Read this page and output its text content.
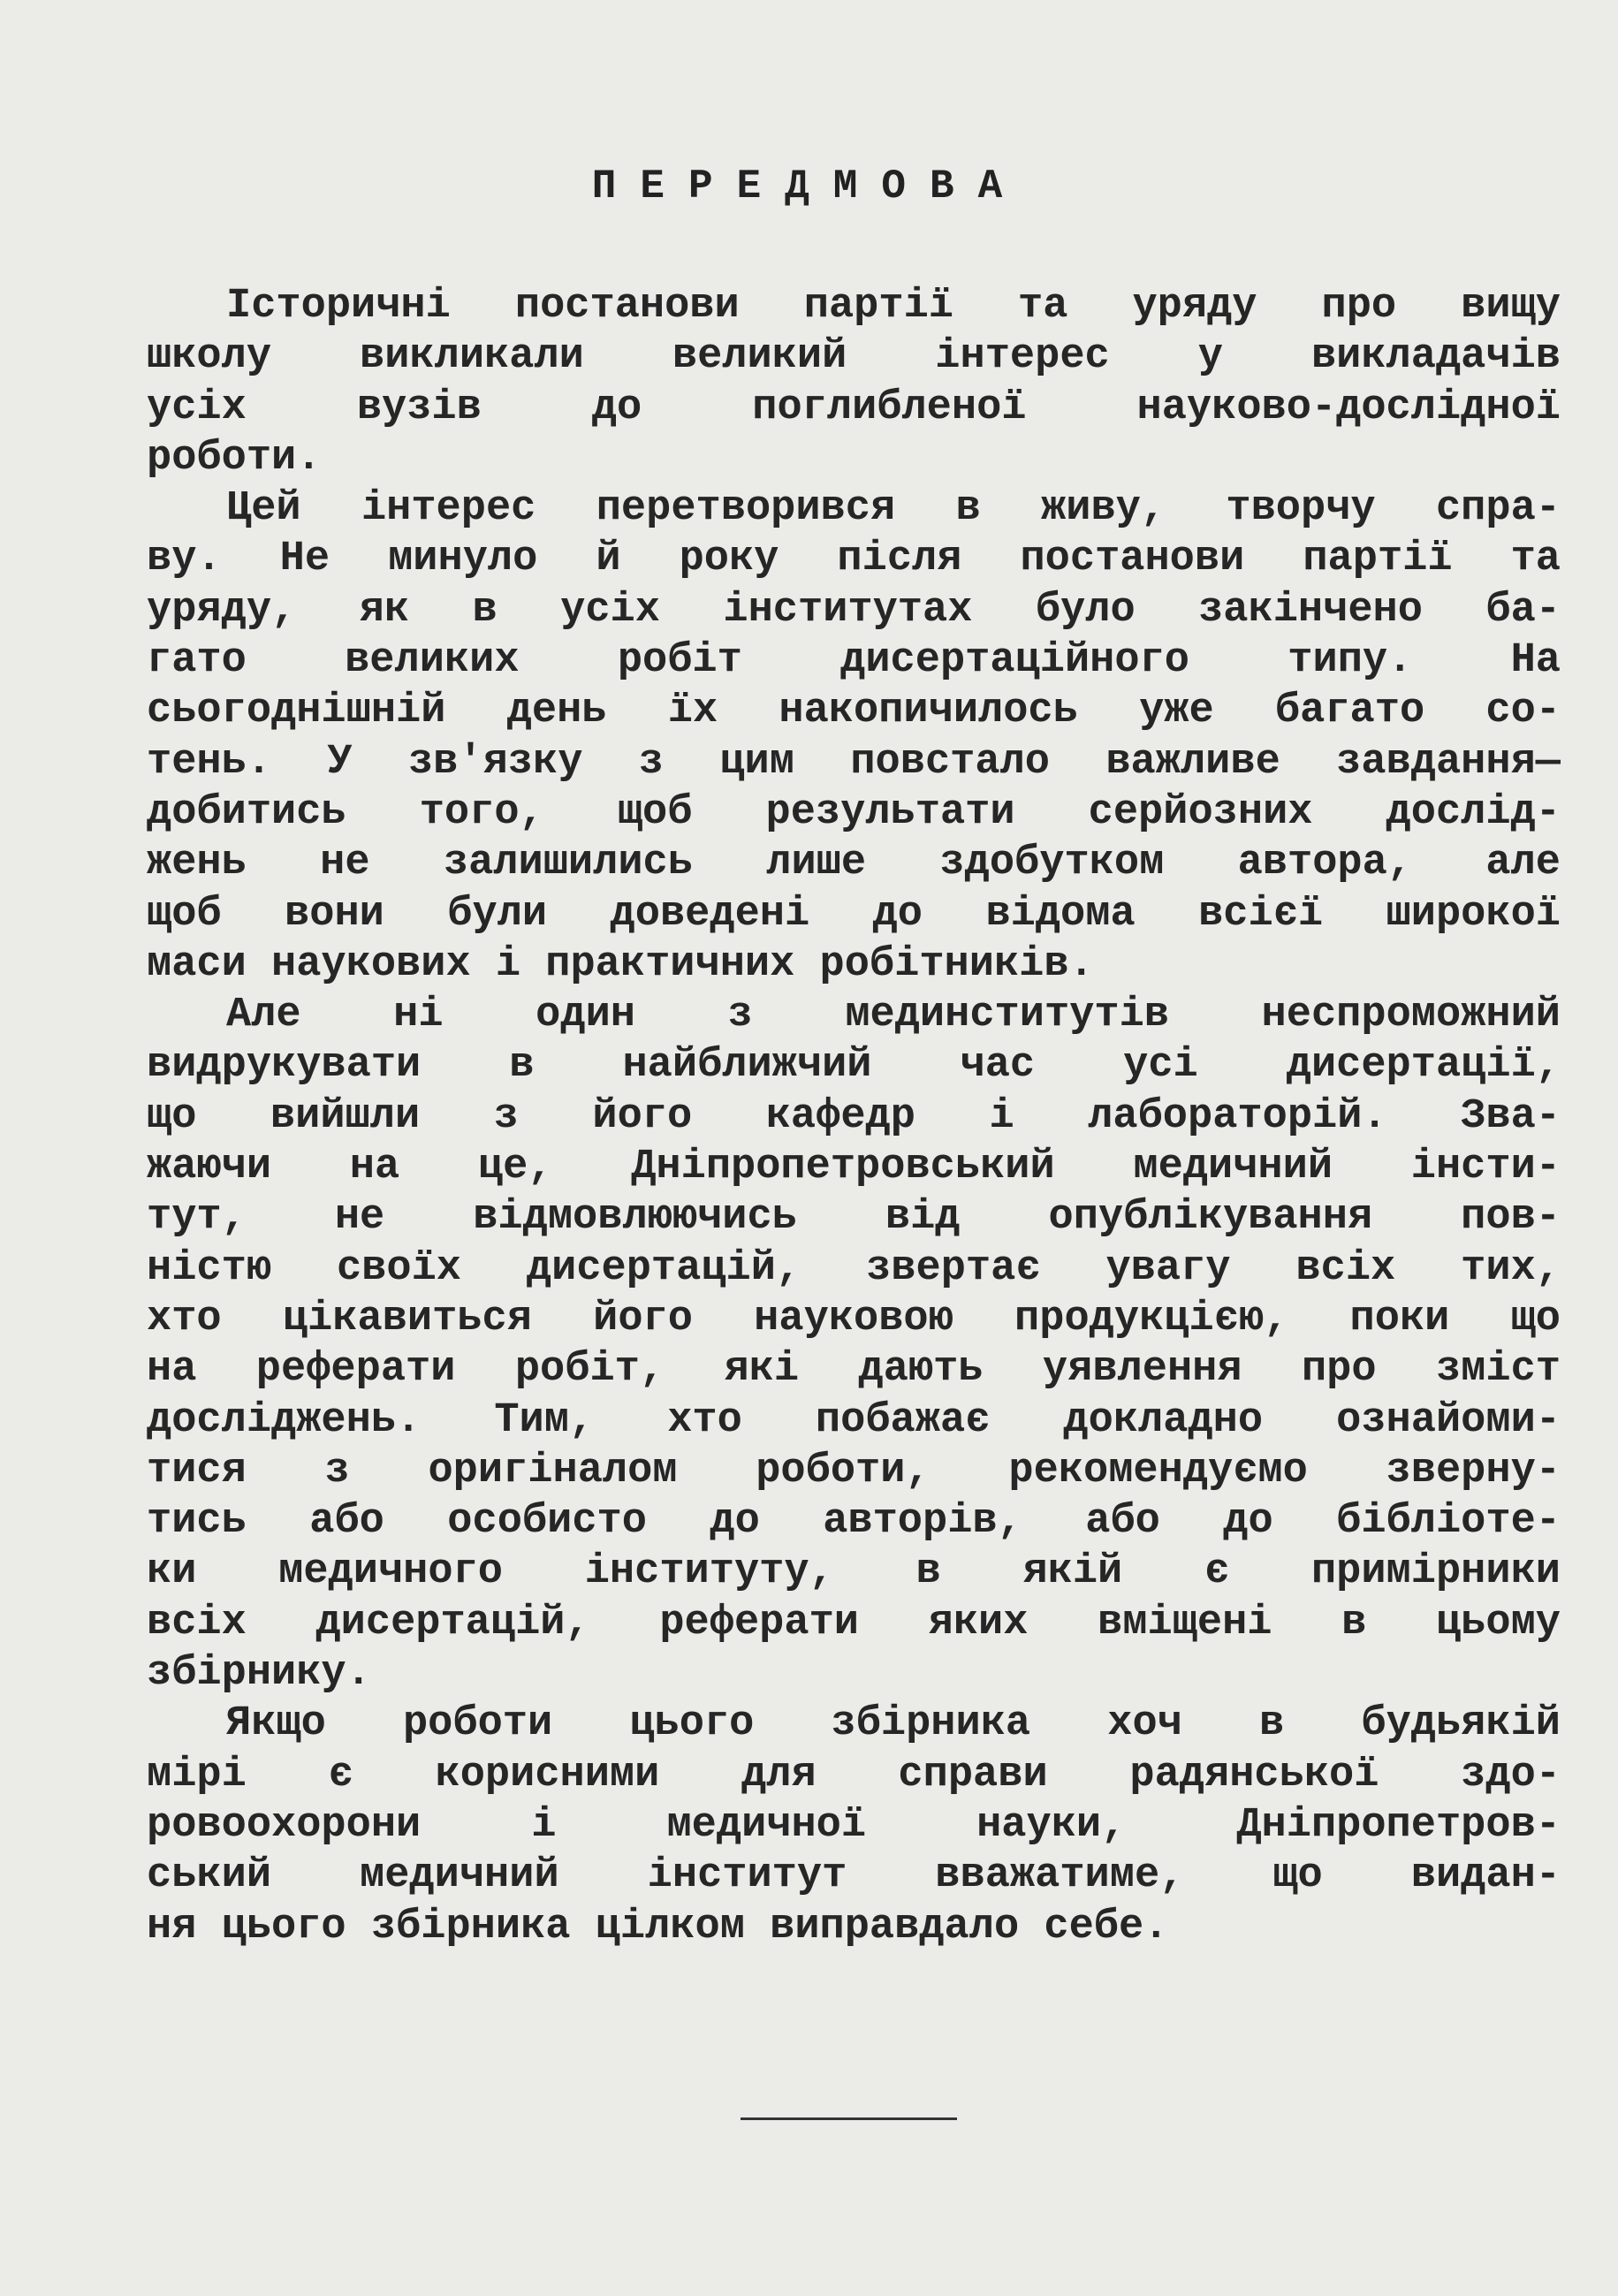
ПЕРЕДМОВА
Історичні постанови партії та уряду про вищу
школу викликали великий інтерес у викладачів
усіх вузів до поглибленої науково-дослідної
роботи.
Цей інтерес перетворився в живу, творчу спра-
ву. Не минуло й року після постанови партії та
уряду, як в усіх інститутах було закінчено ба-
гато великих робіт дисертаційного типу. На
сьогоднішній день їх накопичилось уже багато со-
тень. У зв'язку з цим повстало важливе завдання—
добитись того, щоб результати серйозних дослід-
жень не залишились лише здобутком автора, але
щоб вони були доведені до відома всієї широкої
маси наукових і практичних робітників.
Але ні один з мединститутів неспроможний
видрукувати в найближчий час усі дисертації,
що вийшли з його кафедр і лабораторій. Зва-
жаючи на це, Дніпропетровський медичний інсти-
тут, не відмовлюючись від опублікування пов-
ністю своїх дисертацій, звертає увагу всіх тих,
хто цікавиться його науковою продукцією, поки що
на реферати робіт, які дають уявлення про зміст
досліджень. Тим, хто побажає докладно ознайоми-
тися з оригіналом роботи, рекомендуємо зверну-
тись або особисто до авторів, або до бібліоте-
ки медичного інституту, в якій є примірники
всіх дисертацій, реферати яких вміщені в цьому
збірнику.
Якщо роботи цього збірника хоч в будьякій
мірі є корисними для справи радянської здо-
ровоохорони і медичної науки, Дніпропетров-
ський медичний інститут вважатиме, що видан-
ня цього збірника цілком виправдало себе.
